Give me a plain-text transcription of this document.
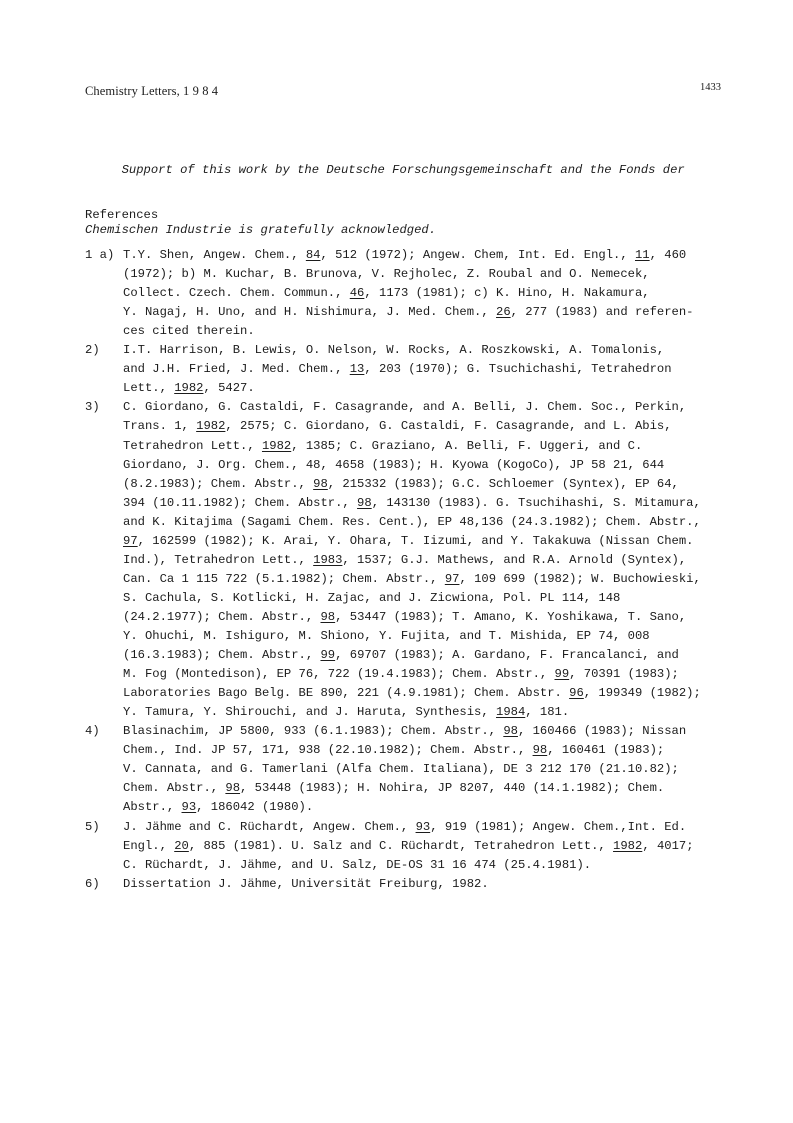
Chemistry Letters, 1 9 8 4	1433

Support of this work by the Deutsche Forschungsgemeinschaft and the Fonds der

Chemischen Industrie is gratefully acknowledged.

References
1 a) T.Y. Shen, Angew. Chem., 84, 512 (1972); Angew. Chem, Int. Ed. Engl., 11, 460
(1972); b) M. Kuchar, B. Brunova, V. Rejholec, Z. Roubal and O. Nemecek,
Collect. Czech. Chem. Commun., 46, 1173 (1981); c) K. Hino, H. Nakamura,
Y. Nagaj, H. Uno, and H. Nishimura, J. Med. Chem., 26, 277 (1983) and referen-
ces cited therein.
2) I.T. Harrison, B. Lewis, O. Nelson, W. Rocks, A. Roszkowski, A. Tomalonis,
and J.H. Fried, J. Med. Chem., 13, 203 (1970); G. Tsuchichashi, Tetrahedron
Lett., 1982, 5427.
3) C. Giordano, G. Castaldi, F. Casagrande, and A. Belli, J. Chem. Soc., Perkin,
Trans. 1, 1982, 2575; C. Giordano, G. Castaldi, F. Casagrande, and L. Abis,
Tetrahedron Lett., 1982, 1385; C. Graziano, A. Belli, F. Uggeri, and C.
Giordano, J. Org. Chem., 48, 4658 (1983); H. Kyowa (KogoCo), JP 58 21, 644
(8.2.1983); Chem. Abstr., 98, 215332 (1983); G.C. Schloemer (Syntex), EP 64,
394 (10.11.1982); Chem. Abstr., 98, 143130 (1983). G. Tsuchihashi, S. Mitamura,
and K. Kitajima (Sagami Chem. Res. Cent.), EP 48,136 (24.3.1982); Chem. Abstr.,
97, 162599 (1982); K. Arai, Y. Ohara, T. Iizumi, and Y. Takakuwa (Nissan Chem.
Ind.), Tetrahedron Lett., 1983, 1537; G.J. Mathews, and R.A. Arnold (Syntex),
Can. Ca 1 115 722 (5.1.1982); Chem. Abstr., 97, 109 699 (1982); W. Buchowieski,
S. Cachula, S. Kotlicki, H. Zajac, and J. Zicwiona, Pol. PL 114, 148
(24.2.1977); Chem. Abstr., 98, 53447 (1983); T. Amano, K. Yoshikawa, T. Sano,
Y. Ohuchi, M. Ishiguro, M. Shiono, Y. Fujita, and T. Mishida, EP 74, 008
(16.3.1983); Chem. Abstr., 99, 69707 (1983); A. Gardano, F. Francalanci, and
M. Fog (Montedison), EP 76, 722 (19.4.1983); Chem. Abstr., 99, 70391 (1983);
Laboratories Bago Belg. BE 890, 221 (4.9.1981); Chem. Abstr. 96, 199349 (1982);
Y. Tamura, Y. Shirouchi, and J. Haruta, Synthesis, 1984, 181.
4) Blasinachim, JP 5800, 933 (6.1.1983); Chem. Abstr., 98, 160466 (1983); Nissan
Chem., Ind. JP 57, 171, 938 (22.10.1982); Chem. Abstr., 98, 160461 (1983);
V. Cannata, and G. Tamerlani (Alfa Chem. Italiana), DE 3 212 170 (21.10.82);
Chem. Abstr., 98, 53448 (1983); H. Nohira, JP 8207, 440 (14.1.1982); Chem.
Abstr., 93, 186042 (1980).
5) J. Jähme and C. Rüchardt, Angew. Chem., 93, 919 (1981); Angew. Chem.,Int. Ed.
Engl., 20, 885 (1981). U. Salz and C. Rüchardt, Tetrahedron Lett., 1982, 4017;
C. Rüchardt, J. Jähme, and U. Salz, DE-OS 31 16 474 (25.4.1981).
6) Dissertation J. Jähme, Universität Freiburg, 1982.
